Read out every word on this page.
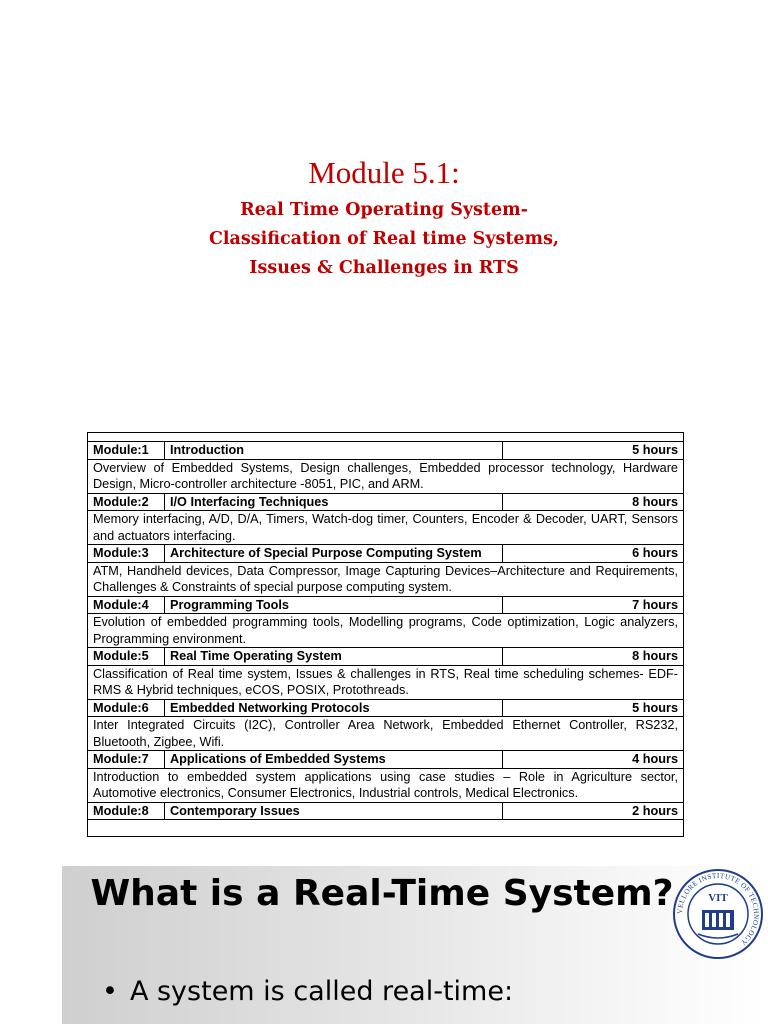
Module 5.1:

Real Time Operating System-

Classification of Real time Systems,

Issues & Challenges in RTS

Module:1	Introduction	5 hours
Overview of Embedded Systems, Design challenges, Embedded processor technology, Hardware Design, Micro-controller architecture -8051, PIC, and ARM.		
Module:2	I/O Interfacing Techniques	8 hours
Memory interfacing, A/D, D/A, Timers, Watch-dog timer, Counters, Encoder & Decoder, UART, Sensors and actuators interfacing.		
Module:3	Architecture of Special Purpose Computing System	6 hours
ATM, Handheld devices, Data Compressor, Image Capturing Devices–Architecture and Requirements, Challenges & Constraints of special purpose computing system.		
Module:4	Programming Tools	7 hours
Evolution of embedded programming tools, Modelling programs, Code optimization, Logic analyzers, Programming environment.		
Module:5	Real Time Operating System	8 hours
Classification of Real time system, Issues & challenges in RTS, Real time scheduling schemes- EDF-RMS & Hybrid techniques, eCOS, POSIX, Protothreads.		
Module:6	Embedded Networking Protocols	5 hours
Inter Integrated Circuits (I2C), Controller Area Network, Embedded Ethernet Controller, RS232, Bluetooth, Zigbee, Wifi.		
Module:7	Applications of Embedded Systems	4 hours
Introduction to embedded system applications using case studies – Role in Agriculture sector, Automotive electronics, Consumer Electronics, Industrial controls, Medical Electronics.		
Module:8	Contemporary Issues	2 hours

What is a Real-Time System?

• A system is called real-time:
VELLORE INSTITUTE OF TECHNOLOGY
VIT
